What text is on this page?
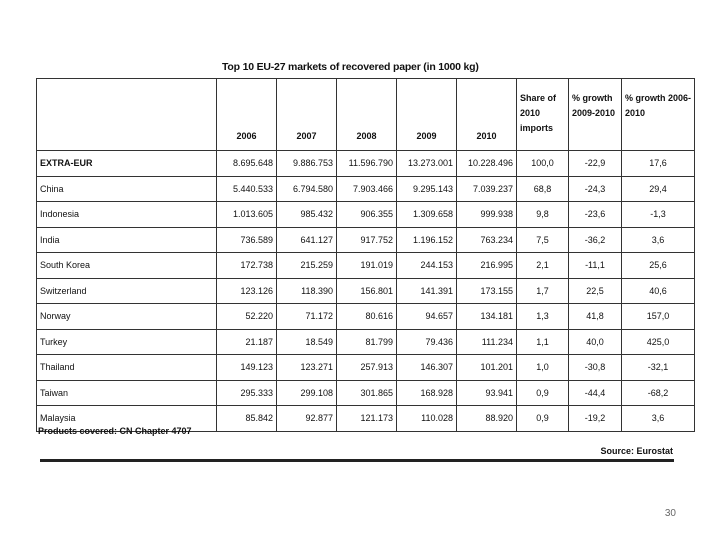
Top 10 EU-27 markets of recovered paper (in 1000 kg)
	2006	2007	2008	2009	2010	Share of 2010 imports	% growth 2009-2010	% growth 2006-2010
EXTRA-EUR	8.695.648	9.886.753	11.596.790	13.273.001	10.228.496	100,0	-22,9	17,6
China	5.440.533	6.794.580	7.903.466	9.295.143	7.039.237	68,8	-24,3	29,4
Indonesia	1.013.605	985.432	906.355	1.309.658	999.938	9,8	-23,6	-1,3
India	736.589	641.127	917.752	1.196.152	763.234	7,5	-36,2	3,6
South Korea	172.738	215.259	191.019	244.153	216.995	2,1	-11,1	25,6
Switzerland	123.126	118.390	156.801	141.391	173.155	1,7	22,5	40,6
Norway	52.220	71.172	80.616	94.657	134.181	1,3	41,8	157,0
Turkey	21.187	18.549	81.799	79.436	111.234	1,1	40,0	425,0
Thailand	149.123	123.271	257.913	146.307	101.201	1,0	-30,8	-32,1
Taiwan	295.333	299.108	301.865	168.928	93.941	0,9	-44,4	-68,2
Malaysia	85.842	92.877	121.173	110.028	88.920	0,9	-19,2	3,6
Products covered: CN Chapter 4707
Source: Eurostat
30
